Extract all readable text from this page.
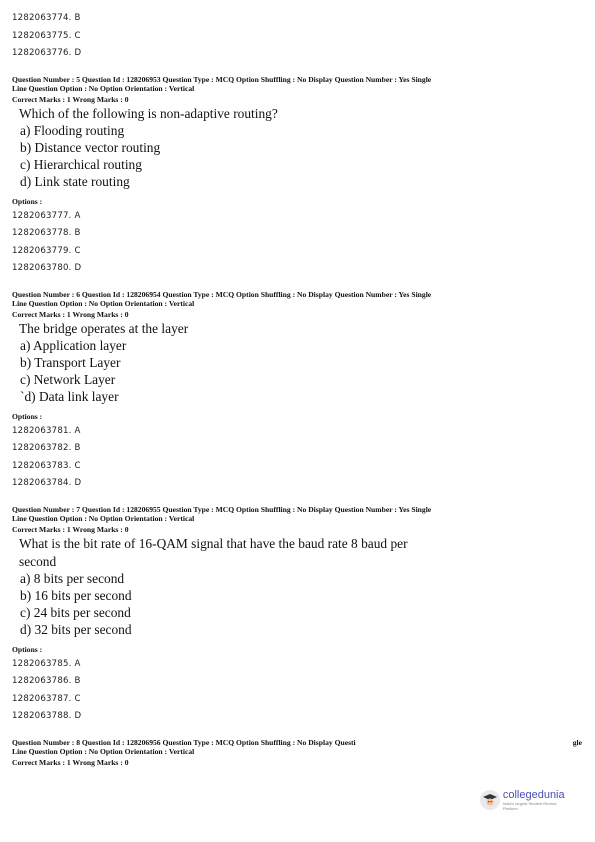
1282063774. B
1282063775. C
1282063776. D

Question Number : 5 Question Id : 128206953 Question Type : MCQ Option Shuffling : No Display Question Number : Yes Single

Line Question Option : No Option Orientation : Vertical

Correct Marks : 1 Wrong Marks : 0

Which of the following is non-adaptive routing?
a) Flooding routing
b) Distance vector routing
c) Hierarchical routing
d) Link state routing
Options :
1282063777. A
1282063778. B
1282063779. C
1282063780. D

Question Number : 6 Question Id : 128206954 Question Type : MCQ Option Shuffling : No Display Question Number : Yes Single

Line Question Option : No Option Orientation : Vertical

Correct Marks : 1 Wrong Marks : 0

The bridge operates at the layer
a) Application layer
b) Transport Layer
c) Network Layer
`d) Data link layer
Options :
1282063781. A
1282063782. B
1282063783. C
1282063784. D

Question Number : 7 Question Id : 128206955 Question Type : MCQ Option Shuffling : No Display Question Number : Yes Single

Line Question Option : No Option Orientation : Vertical

Correct Marks : 1 Wrong Marks : 0

What is the bit rate of 16-QAM signal that have the baud rate 8 baud per
second
a) 8 bits per second
b) 16 bits per second
c) 24 bits per second
d) 32 bits per second
Options :
1282063785. A
1282063786. B
1282063787. C
1282063788. D

Question Number : 8 Question Id : 128206956 Question Type : MCQ Option Shuffling : No Display Questi	gle

Line Question Option : No Option Orientation : Vertical

Correct Marks : 1 Wrong Marks : 0

collegedunia
India's largest Student Review Platform
